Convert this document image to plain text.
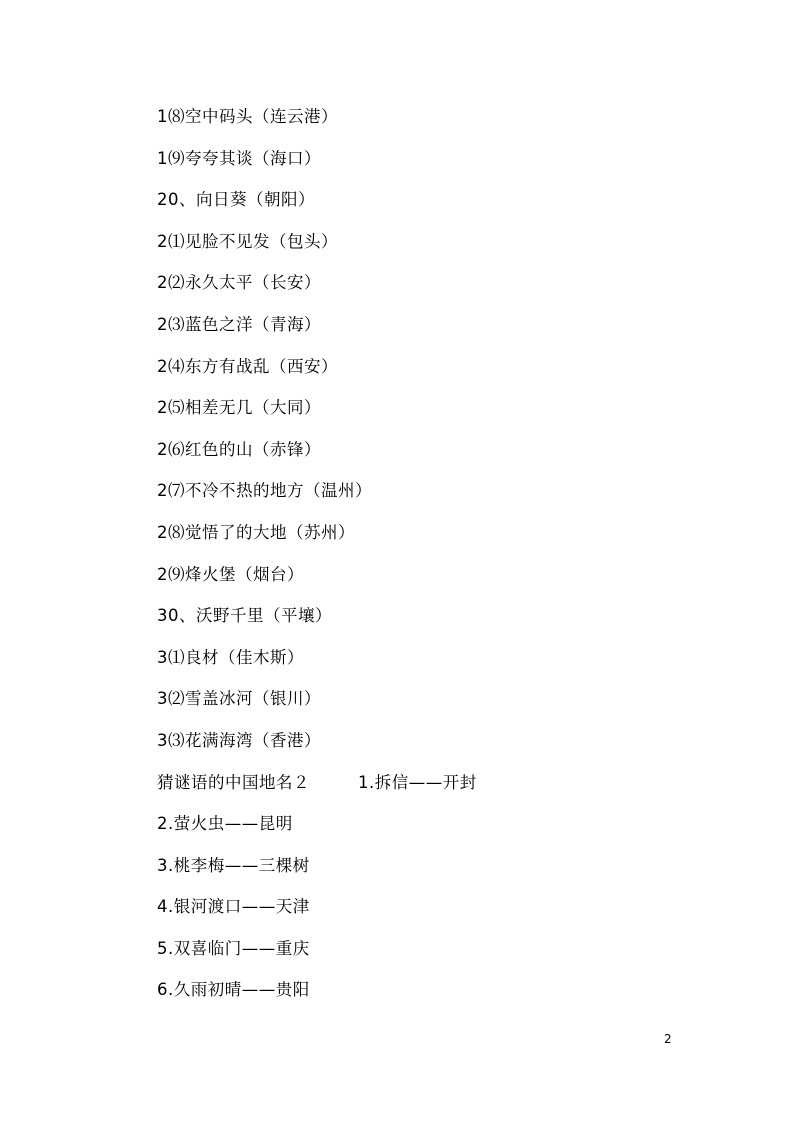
1⑻空中码头（连云港）
1⑼夸夸其谈（海口）
20、向日葵（朝阳）
2⑴见脸不见发（包头）
2⑵永久太平（长安）
2⑶蓝色之洋（青海）
2⑷东方有战乱（西安）
2⑸相差无几（大同）
2⑹红色的山（赤锋）
2⑺不冷不热的地方（温州）
2⑻觉悟了的大地（苏州）
2⑼烽火堡（烟台）
30、沃野千里（平壤）
3⑴良材（佳木斯）
3⑵雪盖冰河（银川）
3⑶花满海湾（香港）
猜谜语的中国地名２	1.拆信——开封
2.萤火虫——昆明
3.桃李梅——三棵树
4.银河渡口——天津
5.双喜临门——重庆
6.久雨初晴——贵阳
2
